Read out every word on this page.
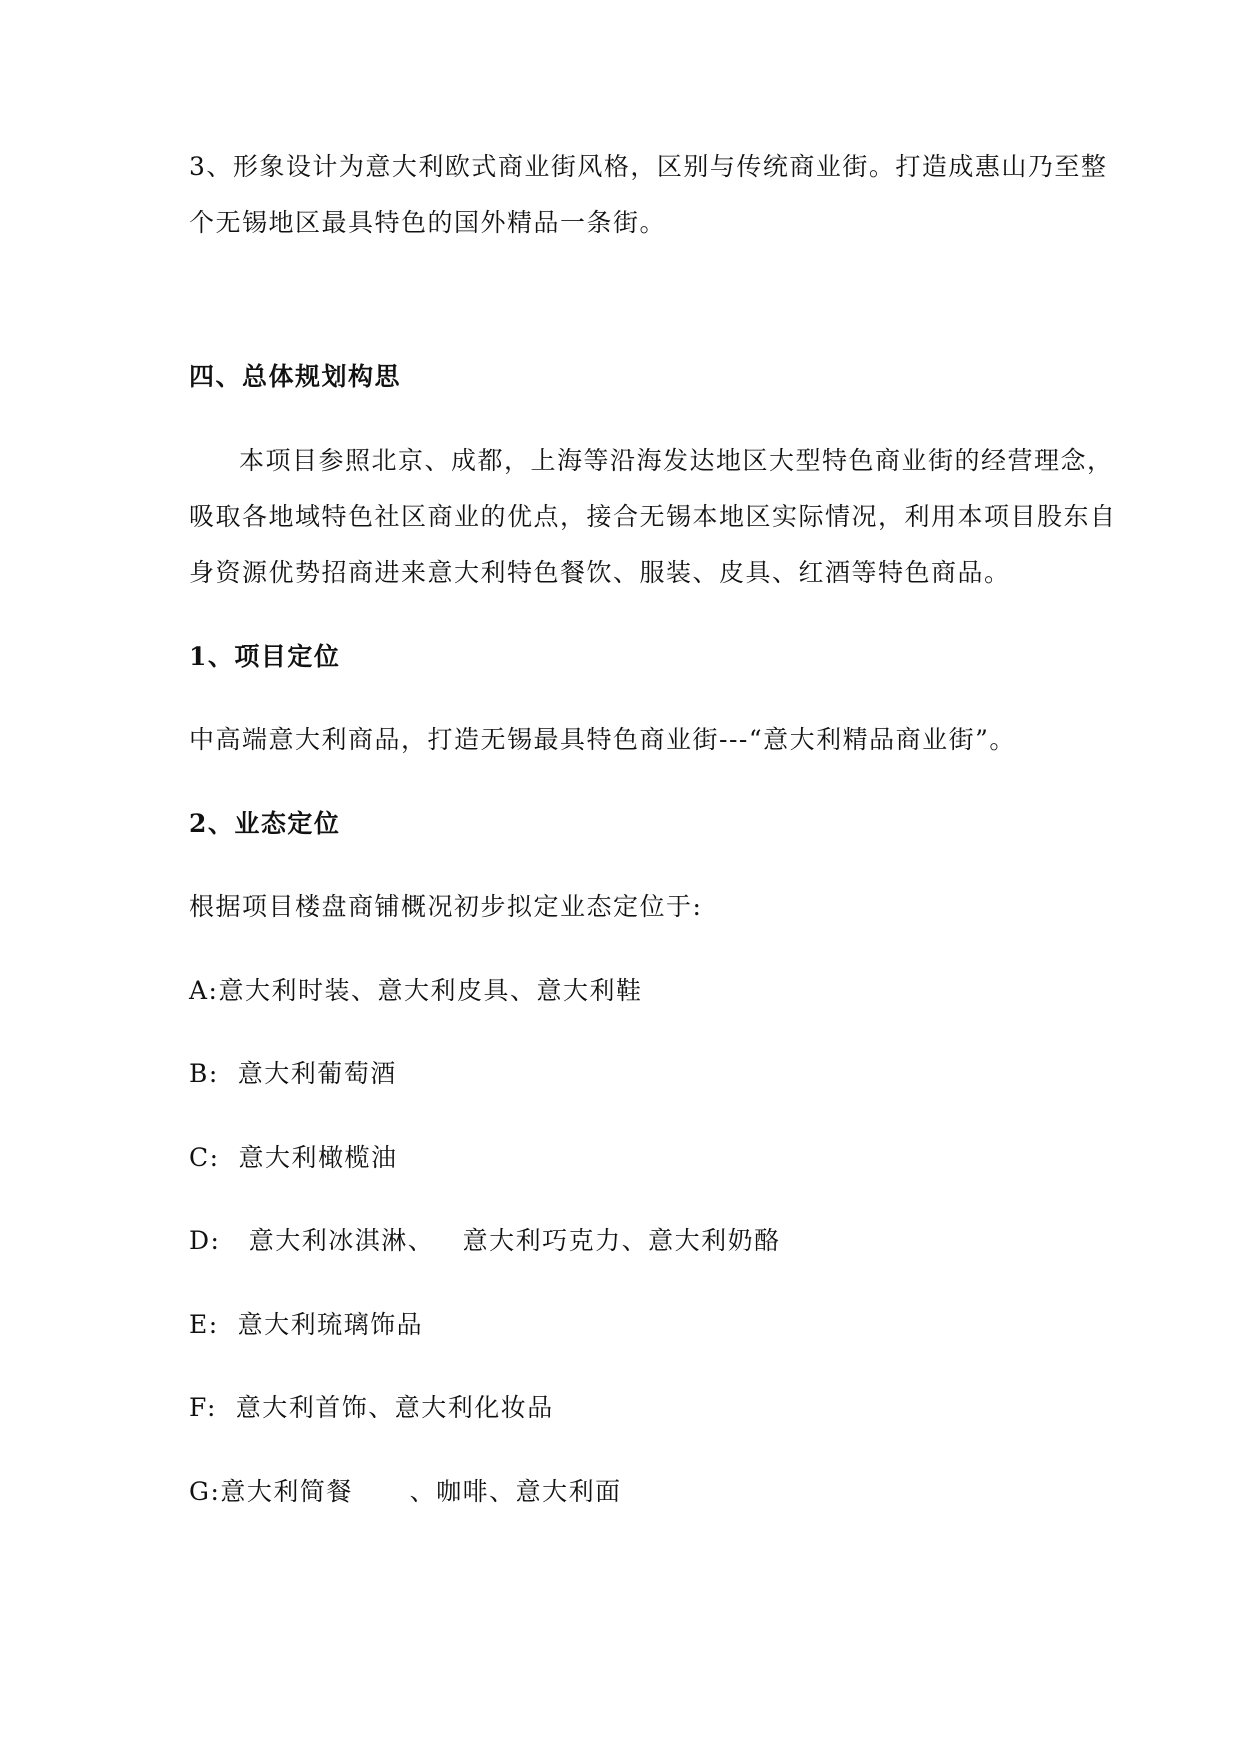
3、形象设计为意大利欧式商业街风格，区别与传统商业街。打造成惠山乃至整
个无锡地区最具特色的国外精品一条街。
四、总体规划构思
本项目参照北京、成都，上海等沿海发达地区大型特色商业街的经营理念，
吸取各地域特色社区商业的优点，接合无锡本地区实际情况，利用本项目股东自
身资源优势招商进来意大利特色餐饮、服装、皮具、红酒等特色商品。
1、项目定位
中高端意大利商品，打造无锡最具特色商业街---“意大利精品商业街”。
2、业态定位
根据项目楼盘商铺概况初步拟定业态定位于:
A:意大利时装、意大利皮具、意大利鞋
B:  意大利葡萄酒
C:  意大利橄榄油
D:   意大利冰淇淋、   意大利巧克力、意大利奶酪
E:  意大利琉璃饰品
F:  意大利首饰、意大利化妆品
G:意大利简餐      、咖啡、意大利面
